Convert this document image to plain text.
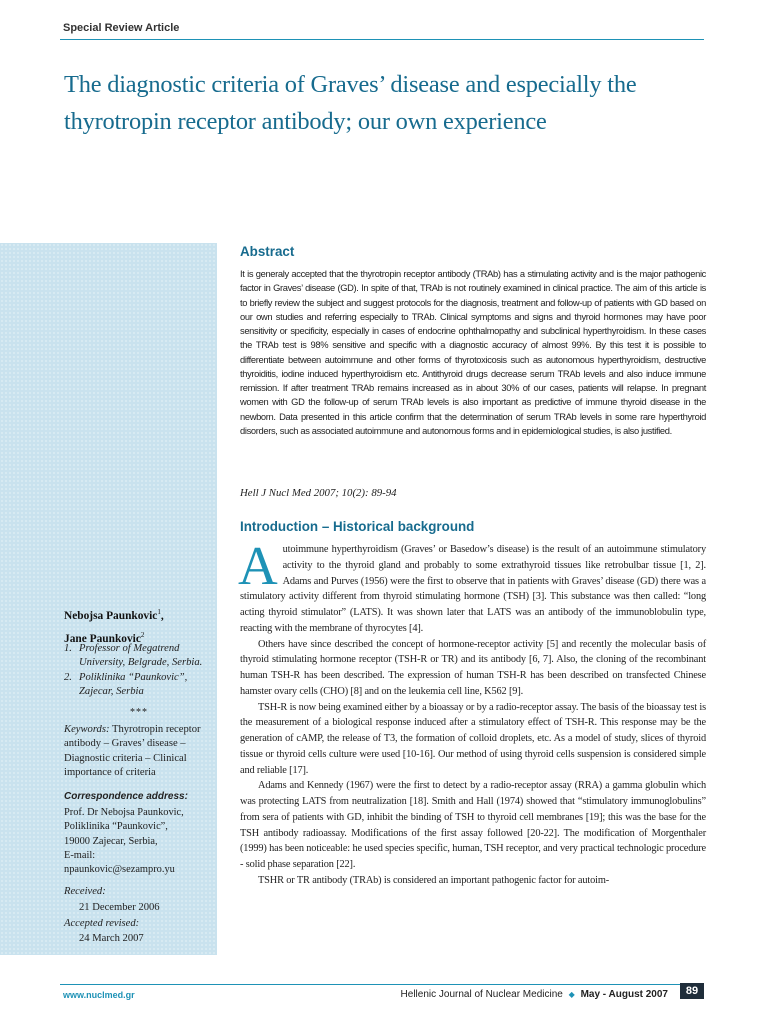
Special Review Article
The diagnostic criteria of Graves’ disease and especially the thyrotropin receptor antibody; our own experience

Nebojsa Paunkovic$^1$,
Jane Paunkovic$^2$

1. Professor of Megatrend University, Belgrade, Serbia.
2. Poliklinika “Paunkovic”, Zajecar, Serbia
***

Keywords: Thyrotropin receptor antibody – Graves’ disease – Diagnostic criteria – Clinical importance of criteria

Correspondence address:
Prof. Dr Nebojsa Paunkovic,
Poliklinika “Paunkovic”,
19000 Zajecar, Serbia,
E-mail:
npaunkovic@sezampro.yu
Received:
21 December 2006
Accepted revised:
24 March 2007
Abstract

It is generaly accepted that the thyrotropin receptor antibody (TRAb) has a stimulating activity and is the major pathogenic factor in Graves’ disease (GD). In spite of that, TRAb is not routinely examined in clinical practice. The aim of this article is to briefly review the subject and suggest protocols for the diagnosis, treatment and follow-up of patients with GD based on our own studies and referring especially to TRAb. Clinical symptoms and signs and thyroid hormones may have poor sensitivity or specificity, especially in cases of endocrine ophthalmopathy and subclinical hyperthyroidism. In these cases the TRAb test is 98% sensitive and specific with a diagnostic accuracy of almost 99%. By this test it is possible to differentiate between autoimmune and other forms of thyrotoxicosis such as autonomous hyperthyroidism, destructive thyroiditis, iodine induced hyperthyroidism etc. Antithyroid drugs decrease serum TRAb levels and also induce immune remission. If after treatment TRAb remains increased as in about 30% of our cases, patients will relapse. In pregnant women with GD the follow-up of serum TRAb levels is also important as predictive of immune thyroid disease in the newborn. Data presented in this article confirm that the determination of serum TRAb levels in some rare hyperthyroid disorders, such as associated autoimmune and autonomous forms and in epidemiological studies, is also justified.

Hell J Nucl Med 2007; 10(2): 89-94

Introduction – Historical background

Autoimmune hyperthyroidism (Graves’ or Basedow’s disease) is the result of an autoimmune stimulatory activity to the thyroid gland and probably to some extrathyroid tissues like retrobulbar tissue [1, 2]. Adams and Purves (1956) were the first to observe that in patients with Graves’ disease (GD) there was a stimulatory activity different from thyroid stimulating hormone (TSH) [3]. This substance was then called: “long acting thyroid stimulator” (LATS). It was shown later that LATS was an antibody of the immunoblobulin type, reacting with the membrane of thyrocytes [4].

Others have since described the concept of hormone-receptor activity [5] and recently the molecular basis of thyroid stimulating hormone receptor (TSH-R or TR) and its antibody [6, 7]. Also, the cloning of the recombinant human TSH-R has been described. The expression of human TSH-R has been described on transfected Chinese hamster ovary cells (CHO) [8] and on the leukemia cell line, K562 [9].

TSH-R is now being examined either by a bioassay or by a radio-receptor assay. The basis of the bioassay test is the measurement of a biological response induced after a stimulatory effect of TSH-R. This response may be the generation of cAMP, the release of T3, the formation of colloid droplets, etc. As a model of study, slices of thyroid tissue or thyroid cells culture were used [10-16]. Our method of using thyroid cells suspension is considered simple and reliable [17].

Adams and Kennedy (1967) were the first to detect by a radio-receptor assay (RRA) a gamma globulin which was protecting LATS from neutralization [18]. Smith and Hall (1974) showed that “stimulatory immunoglobulins” from sera of patients with GD, inhibit the binding of TSH to thyroid cell membranes [19]; this was the base for the TSH antibody radioassay. Modifications of the first assay followed [20-22]. The modification of Morgenthaler (1999) has been noticeable: he used species specific, human, TSH receptor, and very practical technologic procedure - solid phase separation [22].

TSHR or TR antibody (TRAb) is considered an important pathogenic factor for autoim-

www.nuclmed.gr	Hellenic Journal of Nuclear Medicine ◆ May - August 2007	89
